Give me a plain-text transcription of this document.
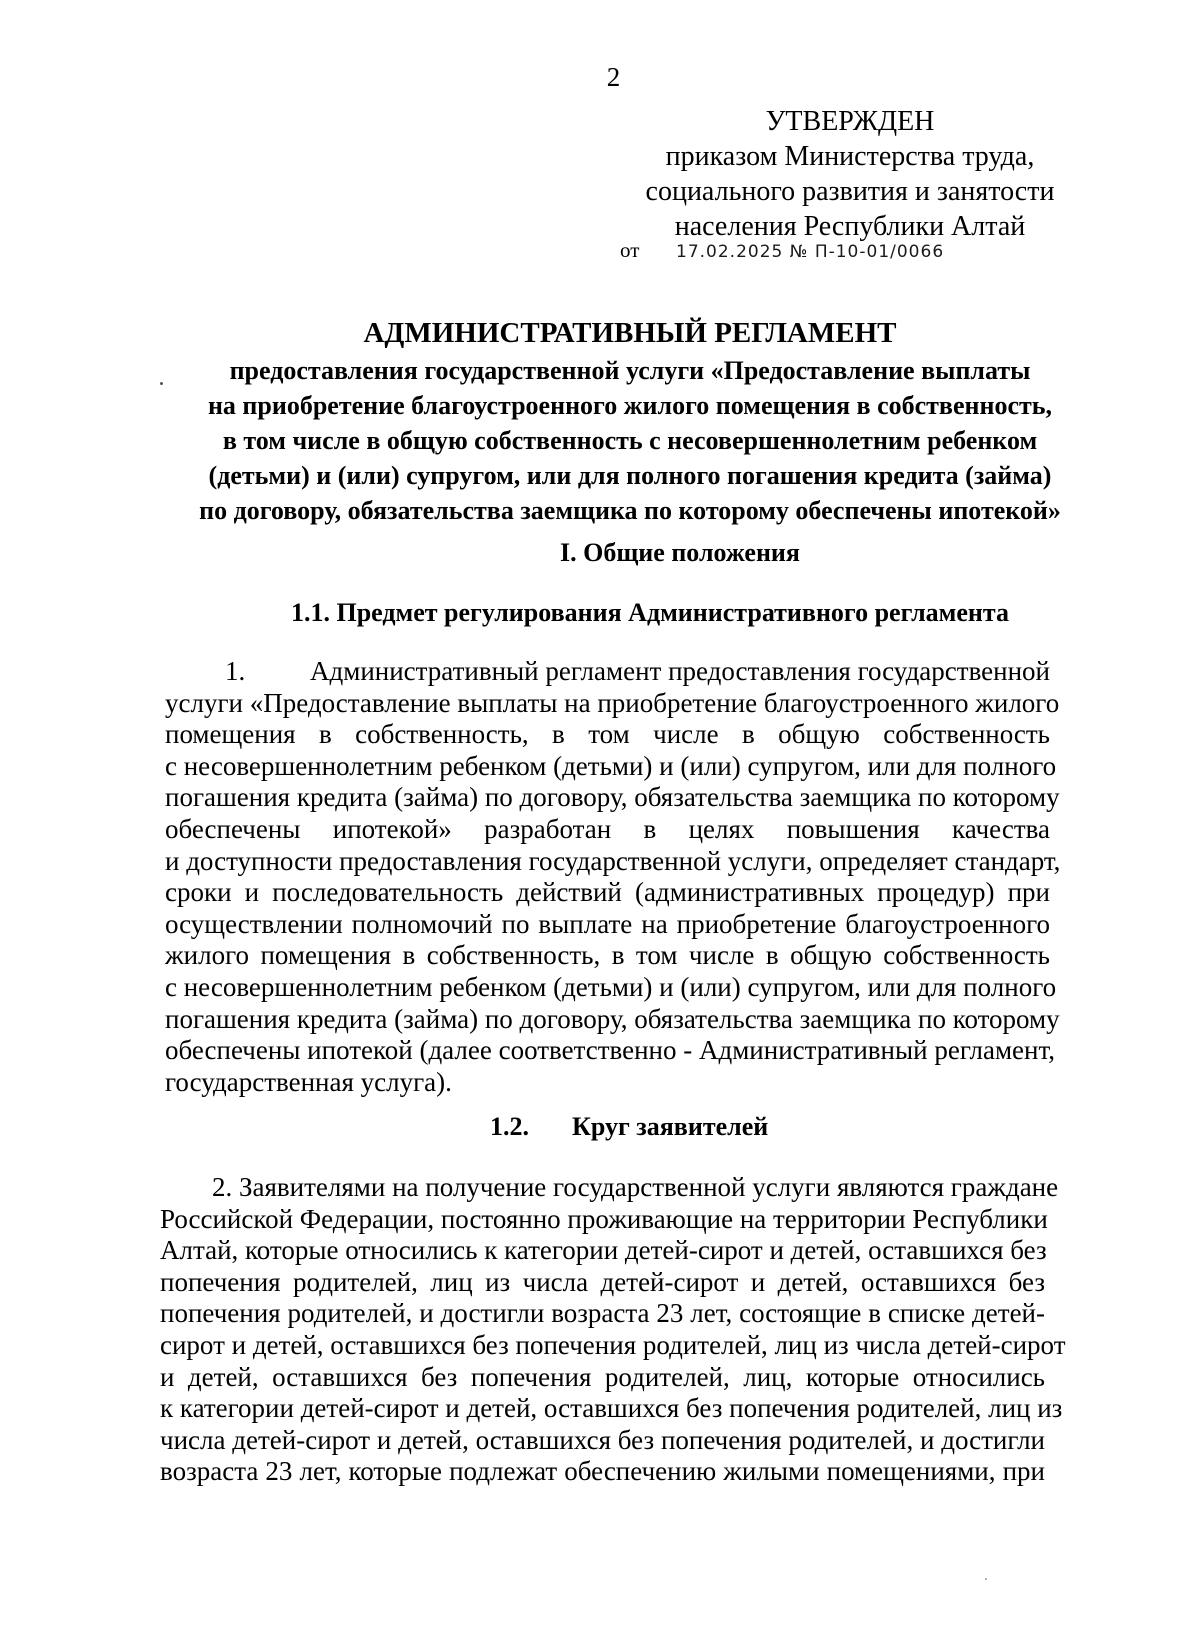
2
УТВЕРЖДЕН
приказом Министерства труда,
социального развития и занятости
населения Республики Алтай
от 17.02.2025 № П-10-01/0066
АДМИНИСТРАТИВНЫЙ РЕГЛАМЕНТ
предоставления государственной услуги «Предоставление выплаты
на приобретение благоустроенного жилого помещения в собственность,
в том числе в общую собственность с несовершеннолетним ребенком
(детьми) и (или) супругом, или для полного погашения кредита (займа)
по договору, обязательства заемщика по которому обеспечены ипотекой»
I. Общие положения
1.1. Предмет регулирования Административного регламента
1.	Административный регламент предоставления государственной
услуги «Предоставление выплаты на приобретение благоустроенного жилого
помещения в собственность, в том числе в общую собственность
с несовершеннолетним ребенком (детьми) и (или) супругом, или для полного
погашения кредита (займа) по договору, обязательства заемщика по которому
обеспечены ипотекой» разработан в целях повышения качества
и доступности предоставления государственной услуги, определяет стандарт,
сроки и последовательность действий (административных процедур) при
осуществлении полномочий по выплате на приобретение благоустроенного
жилого помещения в собственность, в том числе в общую собственность
с несовершеннолетним ребенком (детьми) и (или) супругом, или для полного
погашения кредита (займа) по договору, обязательства заемщика по которому
обеспечены ипотекой (далее соответственно - Административный регламент,
государственная услуга).
1.2. Круг заявителей
2. Заявителями на получение государственной услуги являются граждане
Российской Федерации, постоянно проживающие на территории Республики
Алтай, которые относились к категории детей-сирот и детей, оставшихся без
попечения родителей, лиц из числа детей-сирот и детей, оставшихся без
попечения родителей, и достигли возраста 23 лет, состоящие в списке детей-
сирот и детей, оставшихся без попечения родителей, лиц из числа детей-сирот
и детей, оставшихся без попечения родителей, лиц, которые относились
к категории детей-сирот и детей, оставшихся без попечения родителей, лиц из
числа детей-сирот и детей, оставшихся без попечения родителей, и достигли
возраста 23 лет, которые подлежат обеспечению жилыми помещениями, при
